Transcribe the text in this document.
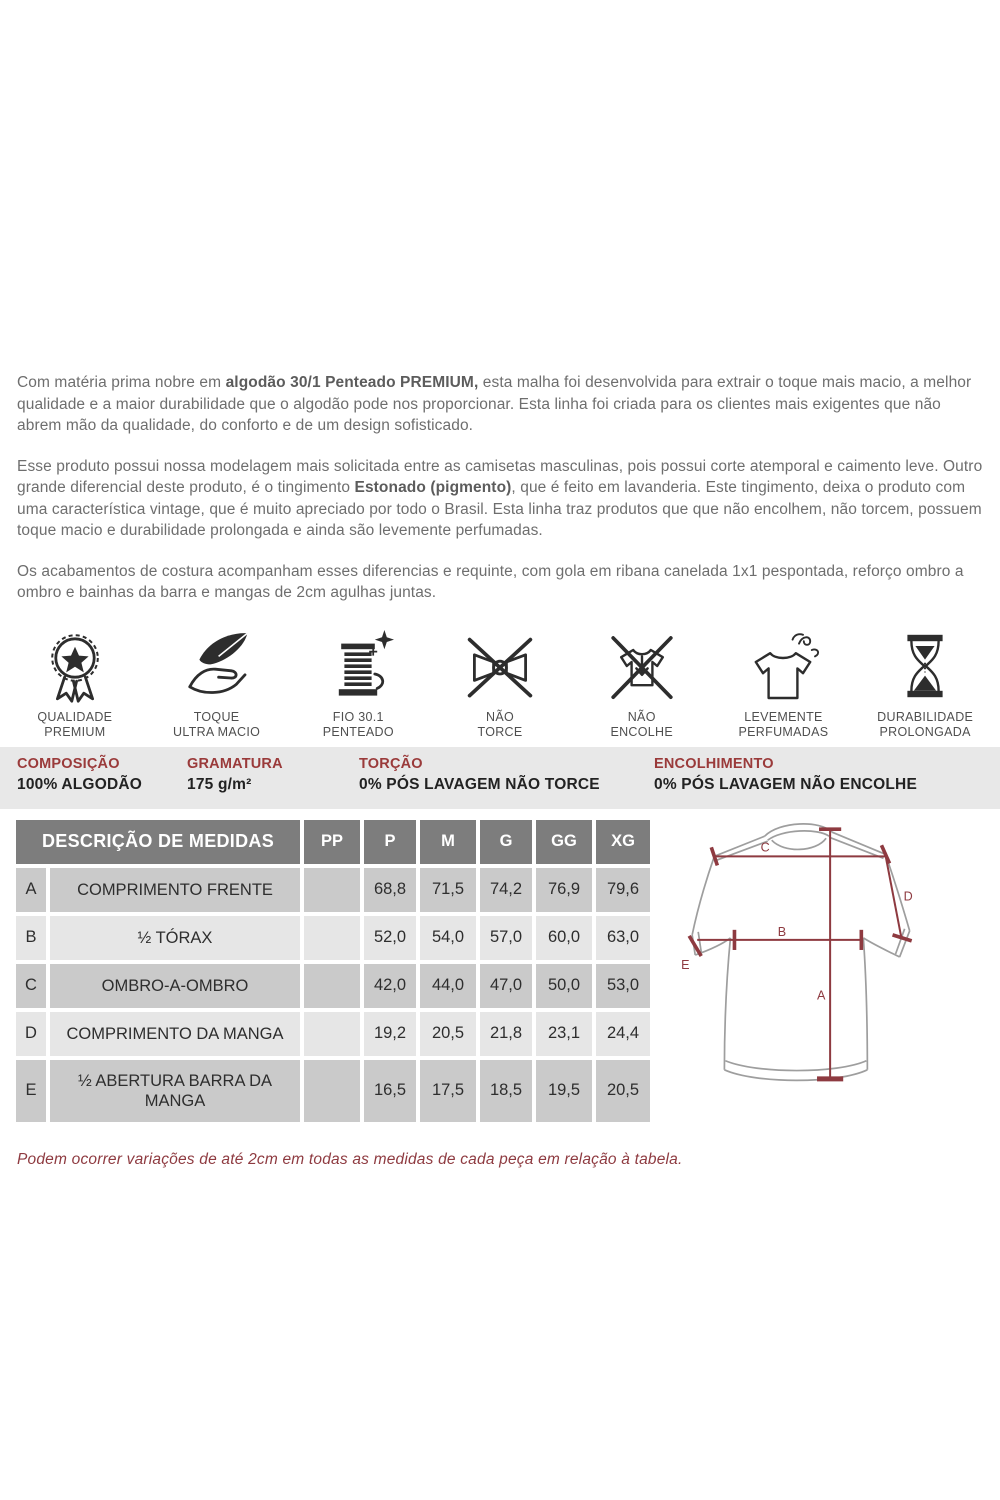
Com matéria prima nobre em algodão 30/1 Penteado PREMIUM, esta malha foi desenvolvida para extrair o toque mais macio, a melhor qualidade e a maior durabilidade que o algodão pode nos proporcionar. Esta linha foi criada para os clientes mais exigentes que não abrem mão da qualidade, do conforto e de um design sofisticado.

Esse produto possui nossa modelagem mais solicitada entre as camisetas masculinas, pois possui corte atemporal e caimento leve. Outro grande diferencial deste produto, é o tingimento Estonado (pigmento), que é feito em lavanderia. Este tingimento, deixa o produto com uma característica vintage, que é muito apreciado por todo o Brasil. Esta linha traz produtos que que não encolhem, não torcem, possuem toque macio e durabilidade prolongada e ainda são levemente perfumadas.

Os acabamentos de costura acompanham esses diferencias e requinte, com gola em ribana canelada 1x1 pespontada, reforço ombro a ombro e bainhas da barra e mangas de 2cm agulhas juntas.

QUALIDADE
PREMIUM
TOQUE
ULTRA MACIO
FIO 30.1
PENTEADO
NÃO
TORCE
NÃO
ENCOLHE
LEVEMENTE
PERFUMADAS
DURABILIDADE
PROLONGADA
COMPOSIÇÃO
100% ALGODÃO
GRAMATURA
175 g/m²
TORÇÃO
0% PÓS LAVAGEM NÃO TORCE
ENCOLHIMENTO
0% PÓS LAVAGEM NÃO ENCOLHE
DESCRIÇÃO DE MEDIDAS		PP	P	M	G	GG	XG
A	COMPRIMENTO FRENTE		68,8	71,5	74,2	76,9	79,6
B	½ TÓRAX		52,0	54,0	57,0	60,0	63,0
C	OMBRO-A-OMBRO		42,0	44,0	47,0	50,0	53,0
D	COMPRIMENTO DA MANGA		19,2	20,5	21,8	23,1	24,4
E	½ ABERTURA BARRA DA MANGA		16,5	17,5	18,5	19,5	20,5
C
A
B
D
E

Podem ocorrer variações de até 2cm em todas as medidas de cada peça em relação à tabela.
